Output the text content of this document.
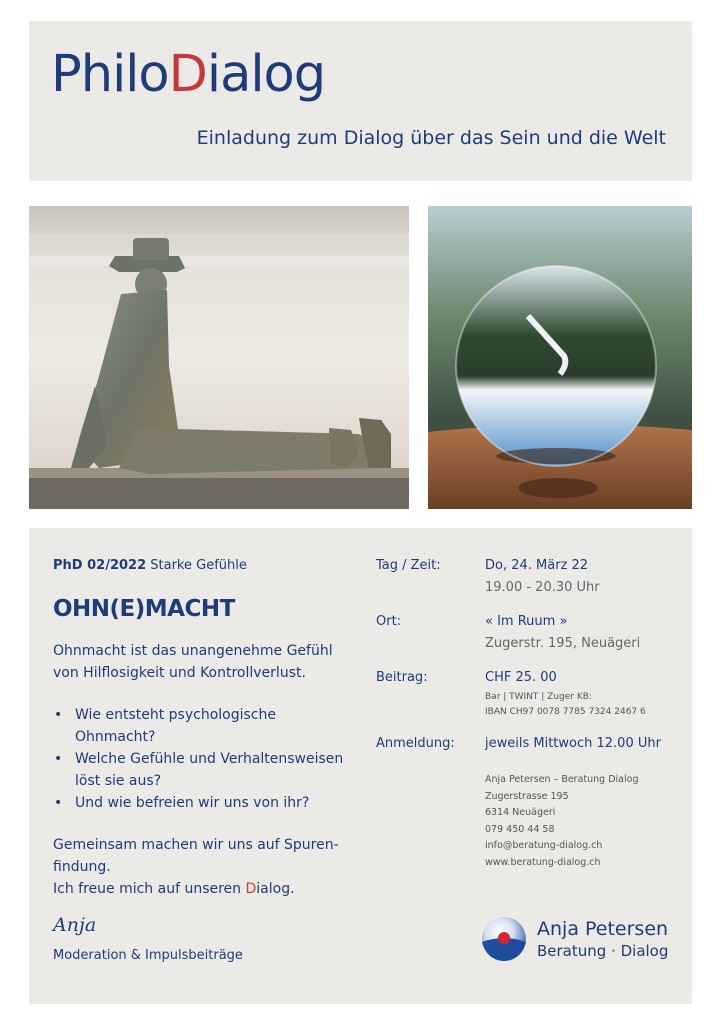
PhiloDialog
Einladung zum Dialog über das Sein und die Welt
PhD 02/2022 Starke Gefühle
OHN(E)MACHT
Ohnmacht ist das unangenehme Gefühl von Hilflosigkeit und Kontrollverlust.
• Wie entsteht psychologische Ohnmacht?
• Welche Gefühle und Verhaltensweisen löst sie aus?
• Und wie befreien wir uns von ihr?
Gemeinsam machen wir uns auf Spuren-findung.
Ich freue mich auf unseren Dialog.
Anja
Moderation & Impulsbeiträge
Tag / Zeit:	Do, 24. März 22
19.00 - 20.30 Uhr
Ort:	« Im Ruum »
Zugerstr. 195, Neuägeri
Beitrag:	CHF 25. 00
Bar | TWINT | Zuger KB:
IBAN CH97 0078 7785 7324 2467 6
Anmeldung: jeweils Mittwoch 12.00 Uhr
Anja Petersen – Beratung Dialog
Zugerstrasse 195
6314 Neuägeri
079 450 44 58
info@beratung-dialog.ch
www.beratung-dialog.ch
Anja Petersen
Beratung · Dialog
